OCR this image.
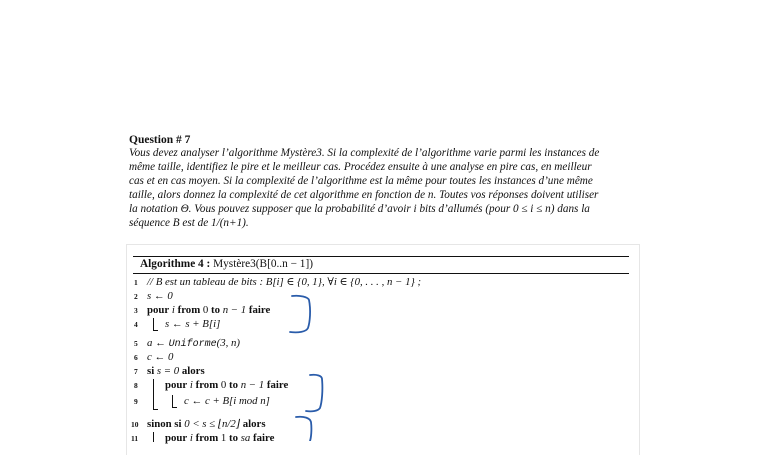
Question # 7
Vous devez analyser l’algorithme Mystère3. Si la complexité de l’algorithme varie parmi les instances de
même taille, identifiez le pire et le meilleur cas. Procédez ensuite à une analyse en pire cas, en meilleur
cas et en cas moyen. Si la complexité de l’algorithme est la même pour toutes les instances d’une même
taille, alors donnez la complexité de cet algorithme en fonction de n. Toutes vos réponses doivent utiliser
la notation Θ. Vous pouvez supposer que la probabilité d’avoir i bits d’allumés (pour 0 ≤ i ≤ n) dans la
séquence B est de 1/(n+1).
Algorithme 4 : Mystère3(B[0..n − 1])
1
2
3
4
5
6
7
8
9
10
11
// B est un tableau de bits : B[i] ∈ {0, 1}, ∀i ∈ {0, . . . , n − 1} ;
s ← 0
pour i from 0 to n − 1 faire
s ← s + B[i]
a ← Uniforme(3, n)
c ← 0
si s = 0 alors
pour i from 0 to n − 1 faire
c ← c + B[i mod n]
sinon si 0 < s ≤ ⌊n/2⌋ alors
pour i from 1 to sa faire
